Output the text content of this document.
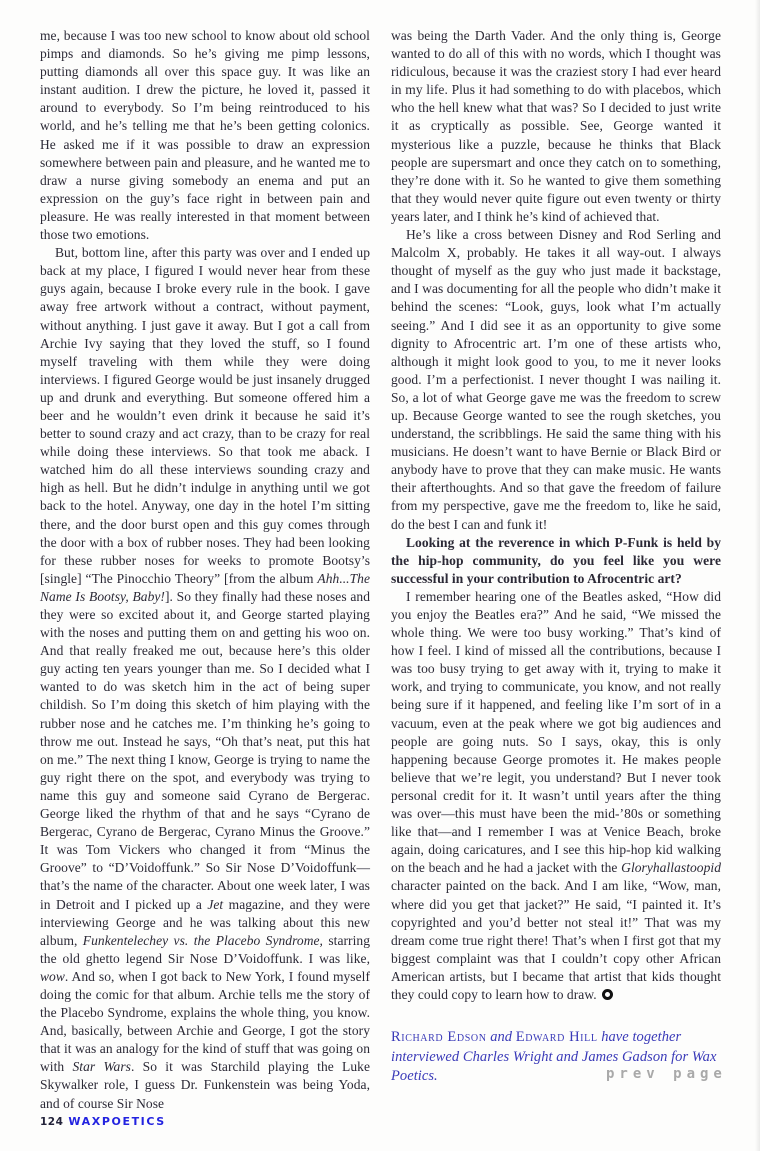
me, because I was too new school to know about old school pimps and diamonds. So he’s giving me pimp lessons, putting diamonds all over this space guy. It was like an instant audition. I drew the picture, he loved it, passed it around to everybody. So I’m being reintroduced to his world, and he’s telling me that he’s been getting colonics. He asked me if it was possible to draw an expression somewhere between pain and pleasure, and he wanted me to draw a nurse giving somebody an enema and put an expression on the guy’s face right in between pain and pleasure. He was really interested in that moment between those two emotions.

But, bottom line, after this party was over and I ended up back at my place, I figured I would never hear from these guys again, because I broke every rule in the book. I gave away free artwork without a contract, without payment, without anything. I just gave it away. But I got a call from Archie Ivy saying that they loved the stuff, so I found myself traveling with them while they were doing interviews. I figured George would be just insanely drugged up and drunk and everything. But someone offered him a beer and he wouldn’t even drink it because he said it’s better to sound crazy and act crazy, than to be crazy for real while doing these interviews. So that took me aback. I watched him do all these interviews sounding crazy and high as hell. But he didn’t indulge in anything until we got back to the hotel. Anyway, one day in the hotel I’m sitting there, and the door burst open and this guy comes through the door with a box of rubber noses. They had been looking for these rubber noses for weeks to promote Bootsy’s [single] “The Pinocchio Theory” [from the album Ahh...The Name Is Bootsy, Baby!]. So they finally had these noses and they were so excited about it, and George started playing with the noses and putting them on and getting his woo on. And that really freaked me out, because here’s this older guy acting ten years younger than me. So I decided what I wanted to do was sketch him in the act of being super childish. So I’m doing this sketch of him playing with the rubber nose and he catches me. I’m thinking he’s going to throw me out. Instead he says, “Oh that’s neat, put this hat on me.” The next thing I know, George is trying to name the guy right there on the spot, and everybody was trying to name this guy and someone said Cyrano de Bergerac. George liked the rhythm of that and he says “Cyrano de Bergerac, Cyrano de Bergerac, Cyrano Minus the Groove.” It was Tom Vickers who changed it from “Minus the Groove” to “D’Voidoffunk.” So Sir Nose D’Voidoffunk—that’s the name of the character. About one week later, I was in Detroit and I picked up a Jet magazine, and they were interviewing George and he was talking about this new album, Funkentelechey vs. the Placebo Syndrome, starring the old ghetto legend Sir Nose D’Voidoffunk. I was like, wow. And so, when I got back to New York, I found myself doing the comic for that album. Archie tells me the story of the Placebo Syndrome, explains the whole thing, you know. And, basically, between Archie and George, I got the story that it was an analogy for the kind of stuff that was going on with Star Wars. So it was Starchild playing the Luke Skywalker role, I guess Dr. Funkenstein was being Yoda, and of course Sir Nose

was being the Darth Vader. And the only thing is, George wanted to do all of this with no words, which I thought was ridiculous, because it was the craziest story I had ever heard in my life. Plus it had something to do with placebos, which who the hell knew what that was? So I decided to just write it as cryptically as possible. See, George wanted it mysterious like a puzzle, because he thinks that Black people are supersmart and once they catch on to something, they’re done with it. So he wanted to give them something that they would never quite figure out even twenty or thirty years later, and I think he’s kind of achieved that.

He’s like a cross between Disney and Rod Serling and Malcolm X, probably. He takes it all way-out. I always thought of myself as the guy who just made it backstage, and I was documenting for all the people who didn’t make it behind the scenes: “Look, guys, look what I’m actually seeing.” And I did see it as an opportunity to give some dignity to Afrocentric art. I’m one of these artists who, although it might look good to you, to me it never looks good. I’m a perfectionist. I never thought I was nailing it. So, a lot of what George gave me was the freedom to screw up. Because George wanted to see the rough sketches, you understand, the scribblings. He said the same thing with his musicians. He doesn’t want to have Bernie or Black Bird or anybody have to prove that they can make music. He wants their afterthoughts. And so that gave the freedom of failure from my perspective, gave me the freedom to, like he said, do the best I can and funk it!

Looking at the reverence in which P-Funk is held by the hip-hop community, do you feel like you were successful in your contribution to Afrocentric art?

I remember hearing one of the Beatles asked, “How did you enjoy the Beatles era?” And he said, “We missed the whole thing. We were too busy working.” That’s kind of how I feel. I kind of missed all the contributions, because I was too busy trying to get away with it, trying to make it work, and trying to communicate, you know, and not really being sure if it happened, and feeling like I’m sort of in a vacuum, even at the peak where we got big audiences and people are going nuts. So I says, okay, this is only happening because George promotes it. He makes people believe that we’re legit, you understand? But I never took personal credit for it. It wasn’t until years after the thing was over—this must have been the mid-’80s or something like that—and I remember I was at Venice Beach, broke again, doing caricatures, and I see this hip-hop kid walking on the beach and he had a jacket with the Gloryhallastoopid character painted on the back. And I am like, “Wow, man, where did you get that jacket?” He said, “I painted it. It’s copyrighted and you’d better not steal it!” That was my dream come true right there! That’s when I first got that my biggest complaint was that I couldn’t copy other African American artists, but I became that artist that kids thought they could copy to learn how to draw.

Richard Edson and Edward Hill have together interviewed Charles Wright and James Gadson for Wax Poetics.	prev page
124 WAXPOETICS
